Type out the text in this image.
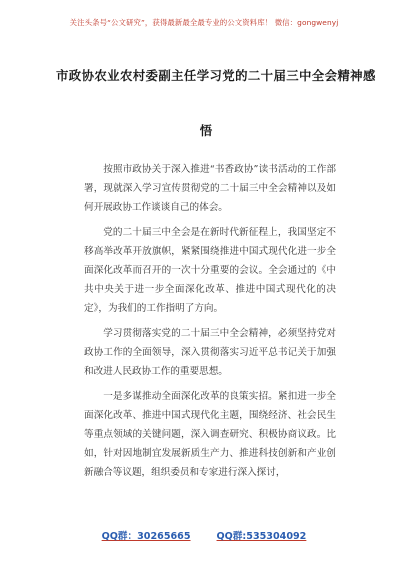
关注头条号“公文研究”，获得最新最全最专业的公文资料库！ 微信：gongwenyj
市政协农业农村委副主任学习党的二十届三中全会精神感
悟

按照市政协关于深入推进“书香政协”读书活动的工作部署，现就深入学习宣传贯彻党的二十届三中全会精神以及如何开展政协工作谈谈自己的体会。

党的二十届三中全会是在新时代新征程上，我国坚定不移高举改革开放旗帜，紧紧围绕推进中国式现代化进一步全面深化改革而召开的一次十分重要的会议。全会通过的《中共中央关于进一步全面深化改革、推进中国式现代化的决定》，为我们的工作指明了方向。

学习贯彻落实党的二十届三中全会精神，必须坚持党对政协工作的全面领导，深入贯彻落实习近平总书记关于加强和改进人民政协工作的重要思想。

一是多谋推动全面深化改革的良策实招。紧扣进一步全面深化改革、推进中国式现代化主题，围绕经济、社会民生等重点领域的关键问题，深入调查研究、积极协商议政。比如，针对因地制宜发展新质生产力、推进科技创新和产业创新融合等议题，组织委员和专家进行深入探讨，

QQ群：30265665	QQ群:535304092
